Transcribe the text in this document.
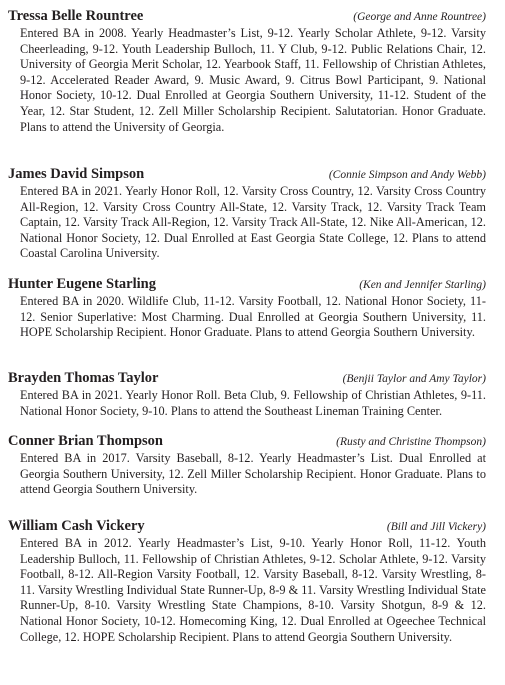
Tressa Belle Rountree	(George and Anne Rountree)

Entered BA in 2008. Yearly Headmaster’s List, 9-12. Yearly Scholar Athlete, 9-12. Varsity Cheerleading, 9-12. Youth Leadership Bulloch, 11. Y Club, 9-12. Public Relations Chair, 12. University of Georgia Merit Scholar, 12. Yearbook Staff, 11. Fellowship of Christian Athletes, 9-12. Accelerated Reader Award, 9. Music Award, 9. Citrus Bowl Participant, 9. National Honor Society, 10-12. Dual Enrolled at Georgia Southern University, 11-12. Student of the Year, 12. Star Student, 12. Zell Miller Scholarship Recipient. Salutatorian. Honor Graduate. Plans to attend the University of Georgia.

James David Simpson	(Connie Simpson and Andy Webb)

Entered BA in 2021. Yearly Honor Roll, 12. Varsity Cross Country, 12. Varsity Cross Country All-Region, 12. Varsity Cross Country All-State, 12. Varsity Track, 12. Varsity Track Team Captain, 12. Varsity Track All-Region, 12. Varsity Track All-State, 12. Nike All-American, 12. National Honor Society, 12. Dual Enrolled at East Georgia State College, 12. Plans to attend Coastal Carolina University.

Hunter Eugene Starling	(Ken and Jennifer Starling)

Entered BA in 2020. Wildlife Club, 11-12. Varsity Football, 12. National Honor Society, 11-12. Senior Superlative: Most Charming. Dual Enrolled at Georgia Southern University, 11. HOPE Scholarship Recipient. Honor Graduate. Plans to attend Georgia Southern University.

Brayden Thomas Taylor	(Benjii Taylor and Amy Taylor)

Entered BA in 2021. Yearly Honor Roll. Beta Club, 9. Fellowship of Christian Athletes, 9-11. National Honor Society, 9-10. Plans to attend the Southeast Lineman Training Center.

Conner Brian Thompson	(Rusty and Christine Thompson)

Entered BA in 2017. Varsity Baseball, 8-12. Yearly Headmaster’s List. Dual Enrolled at Georgia Southern University, 12. Zell Miller Scholarship Recipient. Honor Graduate. Plans to attend Georgia Southern University.

William Cash Vickery	(Bill and Jill Vickery)

Entered BA in 2012. Yearly Headmaster’s List, 9-10. Yearly Honor Roll, 11-12. Youth Leadership Bulloch, 11. Fellowship of Christian Athletes, 9-12. Scholar Athlete, 9-12. Varsity Football, 8-12. All-Region Varsity Football, 12. Varsity Baseball, 8-12. Varsity Wrestling, 8-11. Varsity Wrestling Individual State Runner-Up, 8-9 & 11. Varsity Wrestling Individual State Runner-Up, 8-10. Varsity Wrestling State Champions, 8-10. Varsity Shotgun, 8-9 & 12. National Honor Society, 10-12. Homecoming King, 12. Dual Enrolled at Ogeechee Technical College, 12. HOPE Scholarship Recipient. Plans to attend Georgia Southern University.
